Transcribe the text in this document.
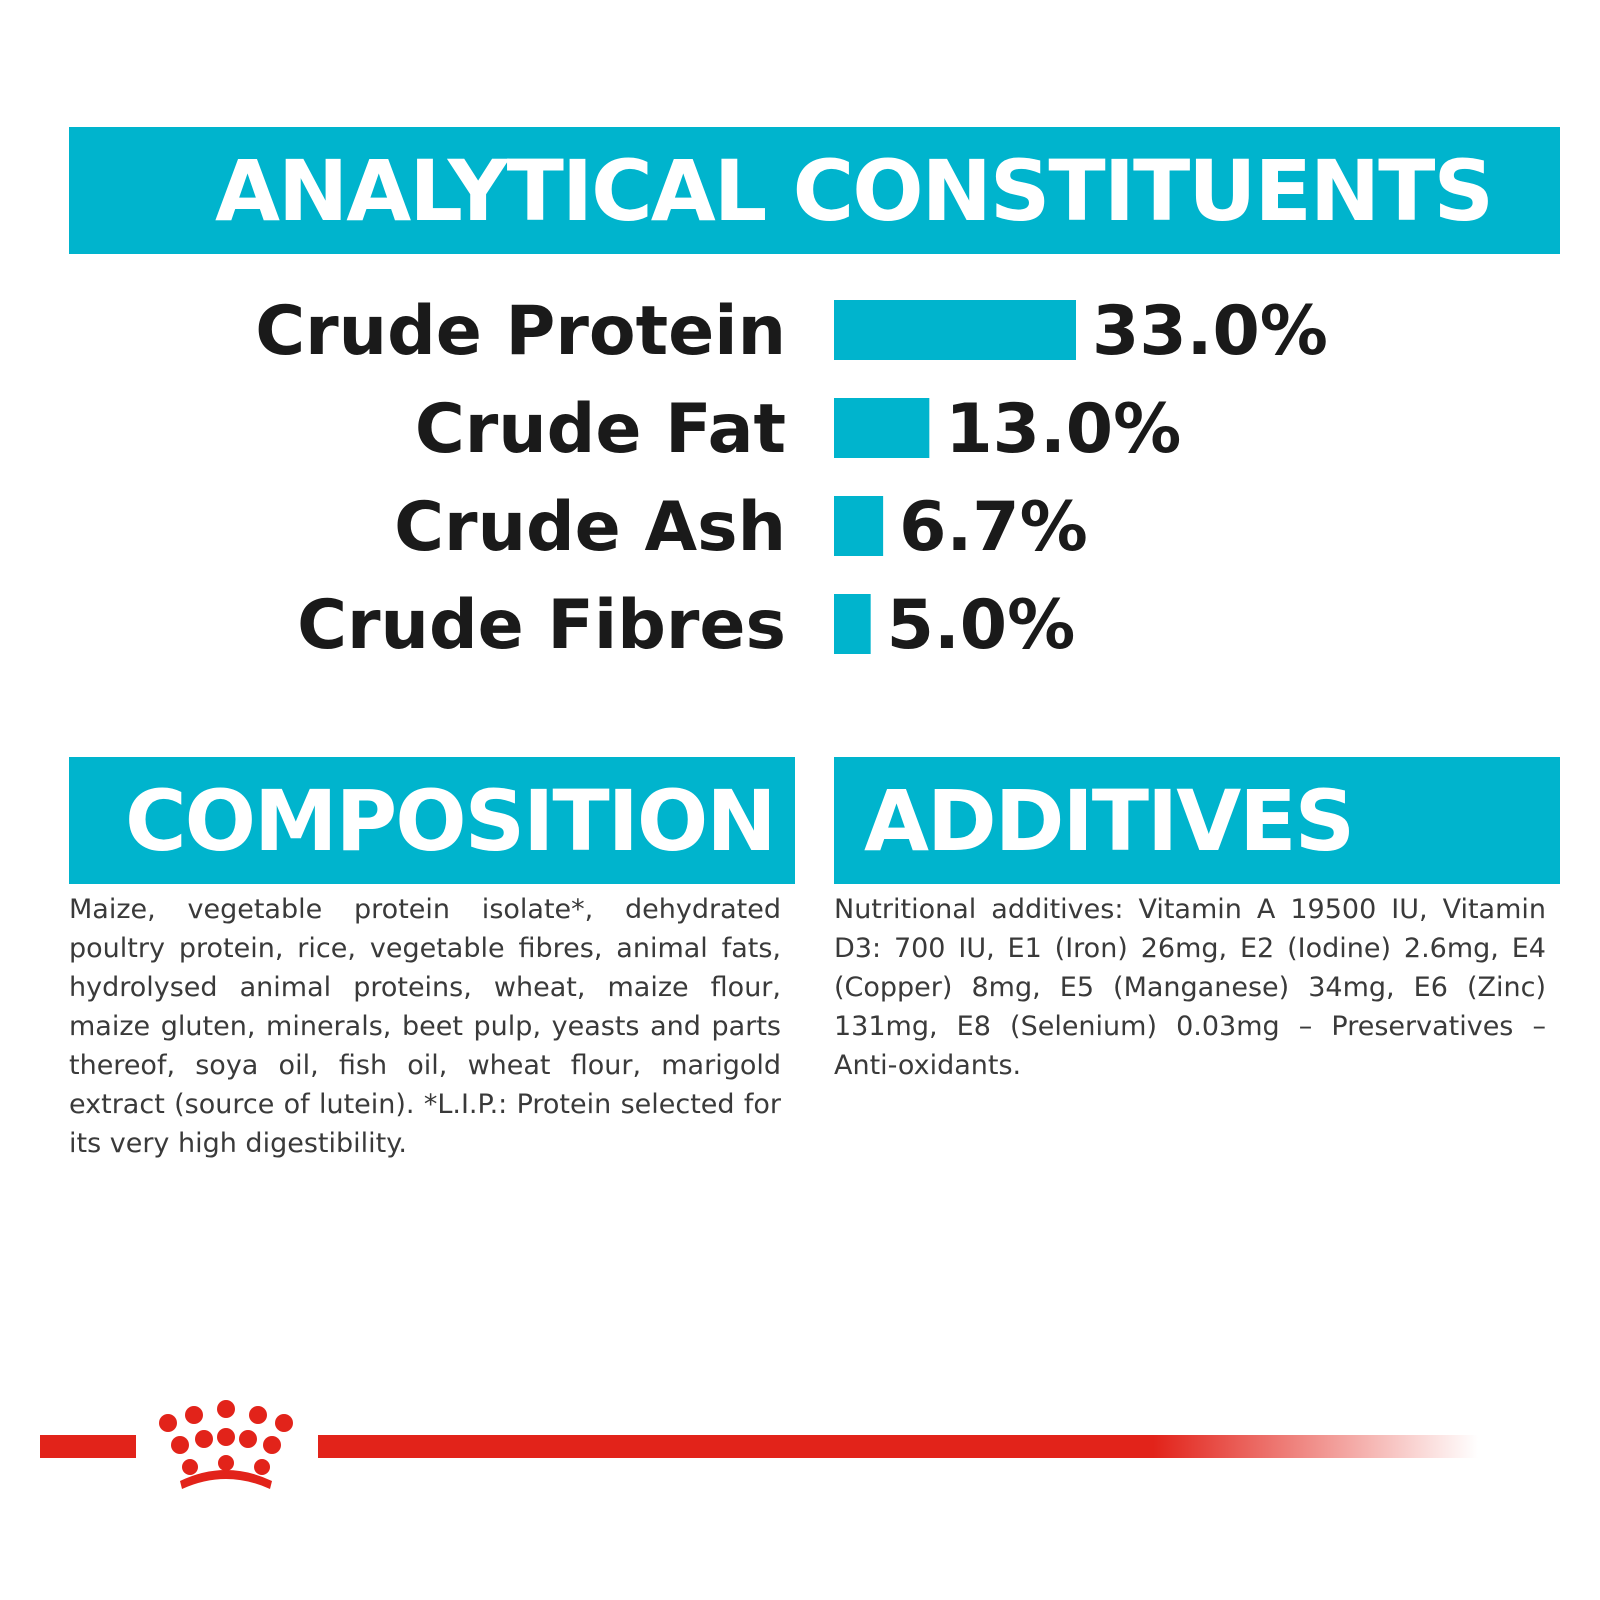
ANALYTICAL CONSTITUENTS
Crude Protein	33.0%
Crude Fat 13.0%
Crude Ash 6.7%
Crude Fibres 5.0%
COMPOSITION

Maize, vegetable protein isolate*, dehydrated poultry protein, rice, vegetable fibres, animal fats, hydrolysed animal proteins, wheat, maize flour, maize gluten, minerals, beet pulp, yeasts and parts thereof, soya oil, fish oil, wheat flour, marigold extract (source of lutein). *L.I.P.: Protein selected for its very high digestibility.

ADDITIVES

Nutritional additives: Vitamin A 19500 IU, Vitamin D3: 700 IU, E1 (Iron) 26mg, E2 (Iodine) 2.6mg, E4 (Copper) 8mg, E5 (Manganese) 34mg, E6 (Zinc) 131mg, E8 (Selenium) 0.03mg – Preservatives – Anti-oxidants.
